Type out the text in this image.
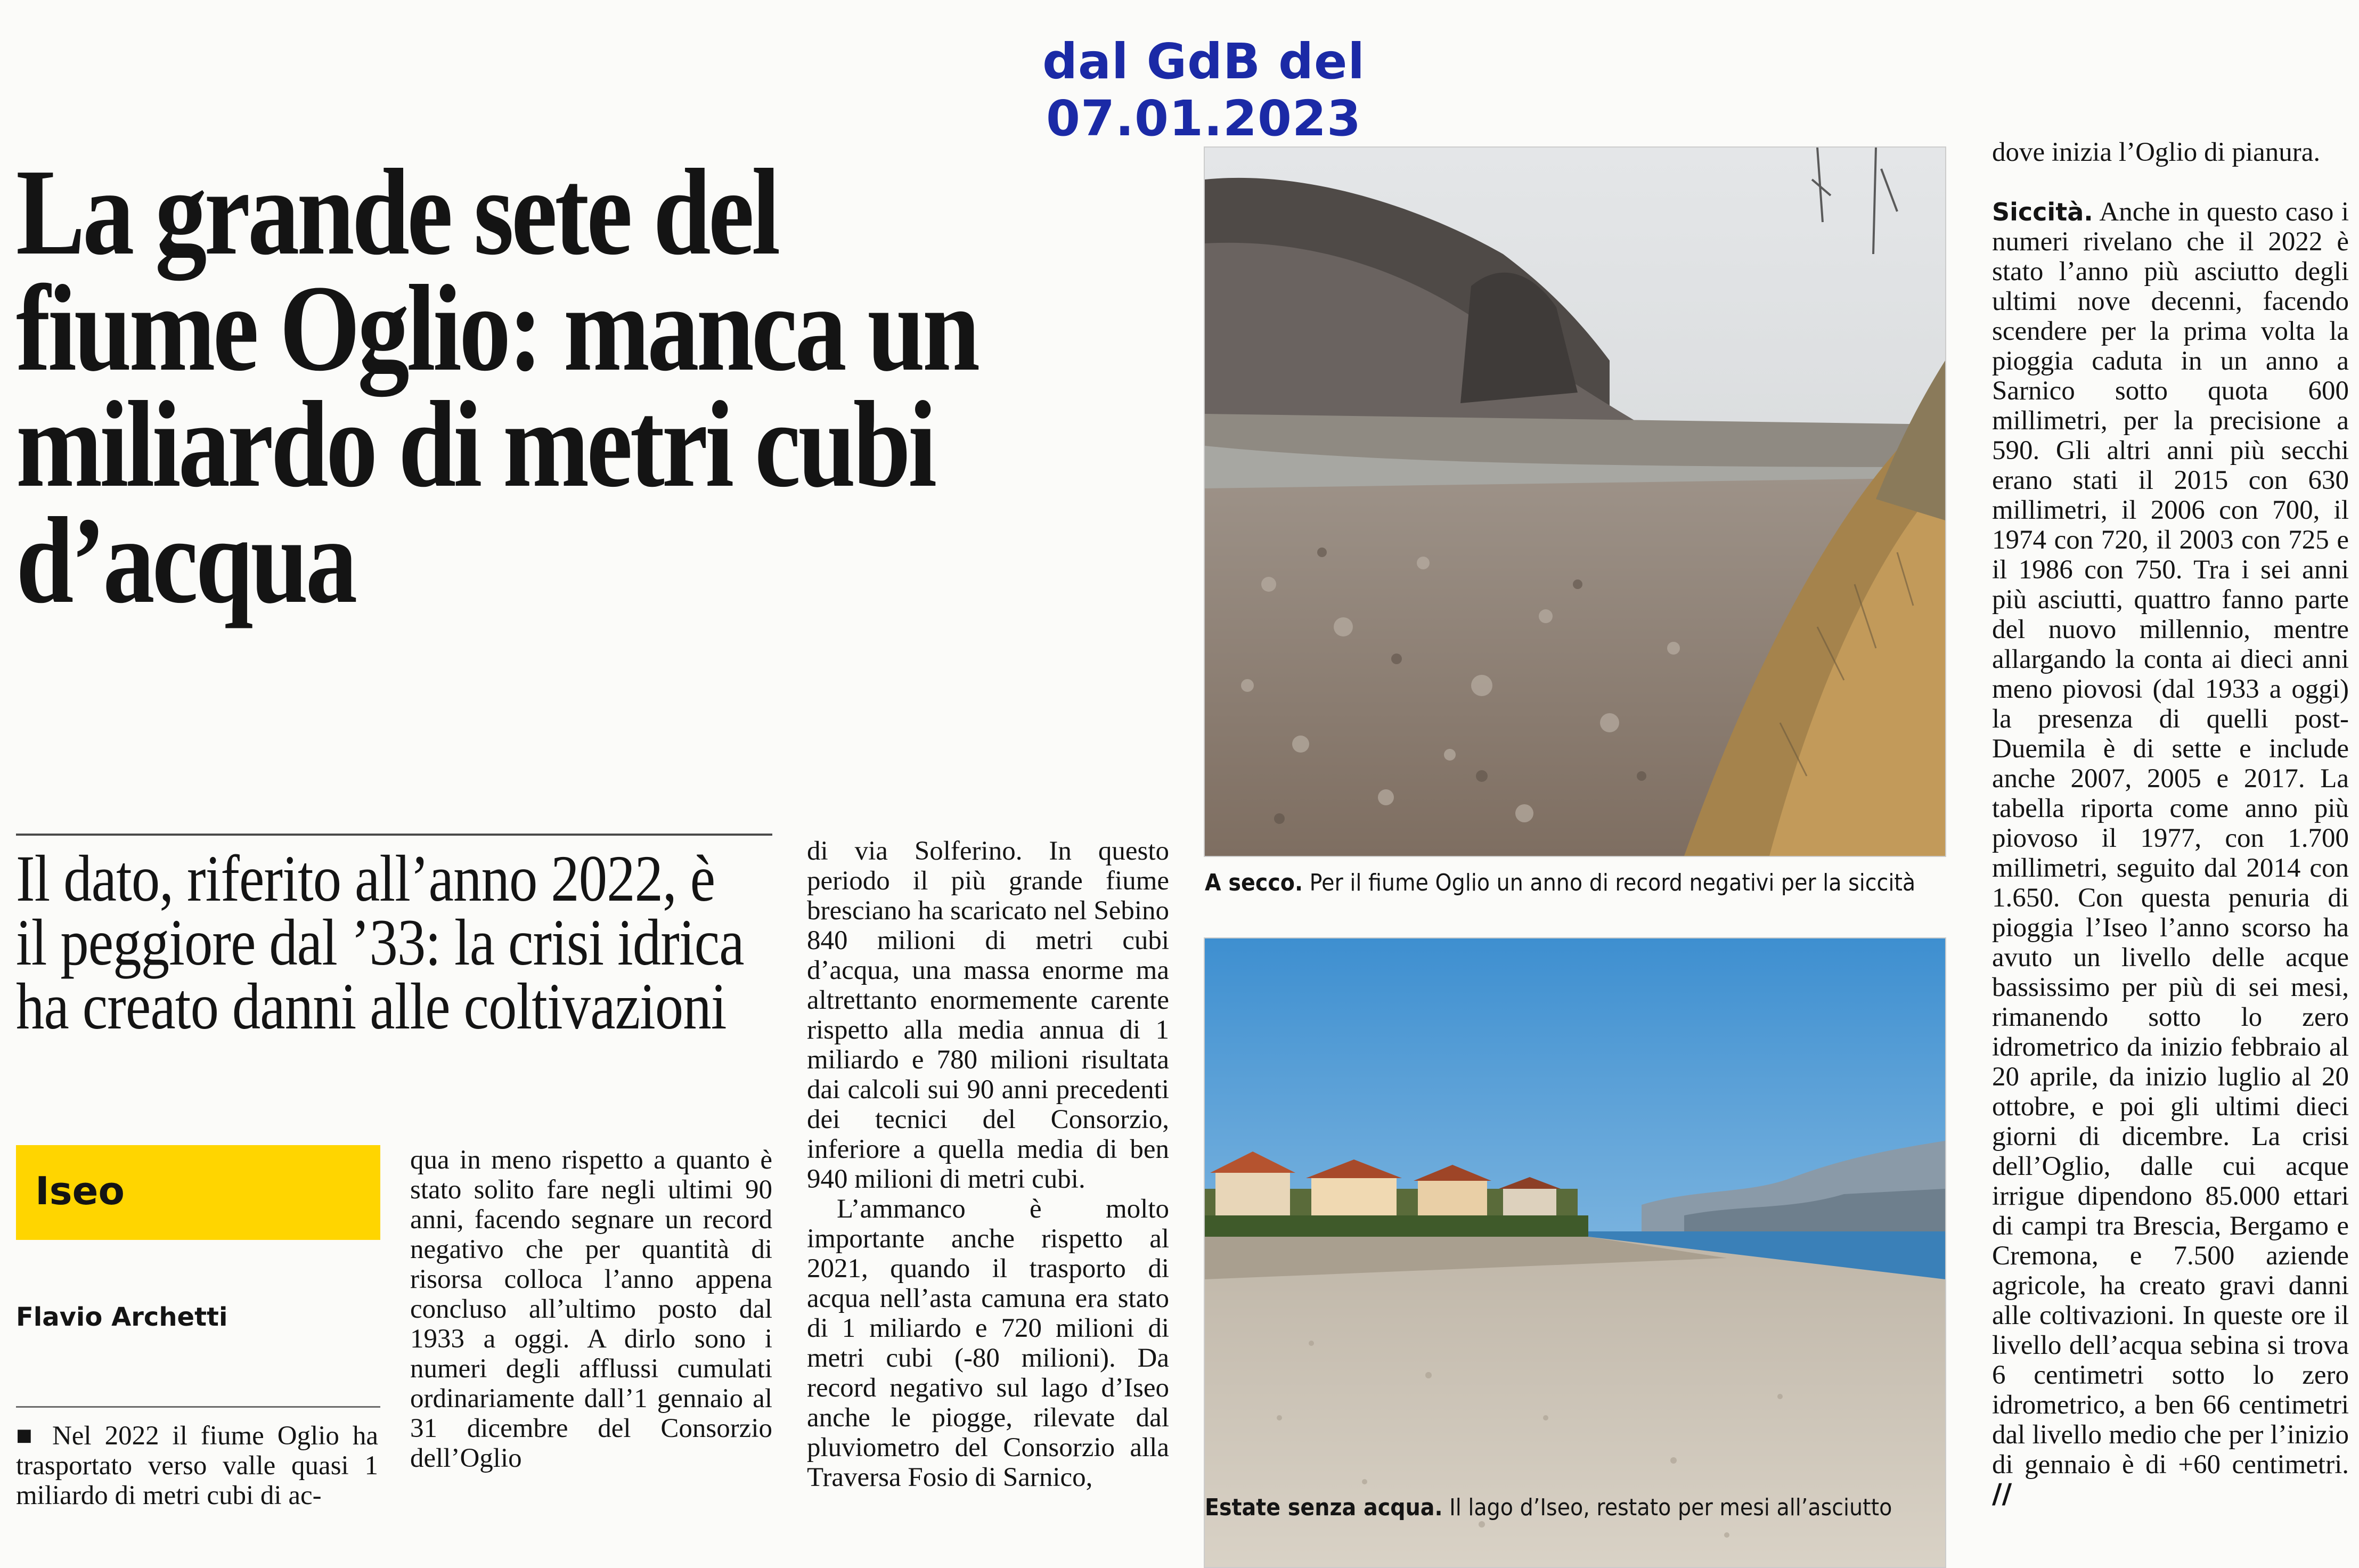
dal GdB del 07.01.2023
La grande sete del fiume Oglio: manca un miliardo di metri cubi d’acqua
Il dato, riferito all’anno 2022, è il peggiore dal ’33: la crisi idrica ha creato danni alle coltivazioni
Iseo
Flavio Archetti

■ Nel 2022 il fiume Oglio ha trasportato verso valle quasi 1 miliardo di metri cubi di ac-

qua in meno rispetto a quanto è stato solito fare negli ultimi 90 anni, facendo segnare un record negativo che per quantità di risorsa colloca l’anno appena concluso all’ultimo posto dal 1933 a oggi. A dirlo sono i numeri degli afflussi cumulati ordinariamente dall’1 gennaio al 31 dicembre del Consorzio dell’Oglio

di via Solferino. In questo periodo il più grande fiume bresciano ha scaricato nel Sebino 840 milioni di metri cubi d’acqua, una massa enorme ma altrettanto enormemente carente rispetto alla media annua di 1 miliardo e 780 milioni risultata dai calcoli sui 90 anni precedenti dei tecnici del Consorzio, inferiore a quella media di ben 940 milioni di metri cubi.

L’ammanco è molto importante anche rispetto al 2021, quando il trasporto di acqua nell’asta camuna era stato di 1 miliardo e 720 milioni di metri cubi (-80 milioni). Da record negativo sul lago d’Iseo anche le piogge, rilevate dal pluviometro del Consorzio alla Traversa Fosio di Sarnico,

A secco. Per il fiume Oglio un anno di record negativi per la siccità
Estate senza acqua. Il lago d’Iseo, restato per mesi all’asciutto

dove inizia l’Oglio di pianura.

Siccità. Anche in questo caso i numeri rivelano che il 2022 è stato l’anno più asciutto degli ultimi nove decenni, facendo scendere per la prima volta la pioggia caduta in un anno a Sarnico sotto quota 600 millimetri, per la precisione a 590. Gli altri anni più secchi erano stati il 2015 con 630 millimetri, il 2006 con 700, il 1974 con 720, il 2003 con 725 e il 1986 con 750. Tra i sei anni più asciutti, quattro fanno parte del nuovo millennio, mentre allargando la conta ai dieci anni meno piovosi (dal 1933 a oggi) la presenza di quelli post-Duemila è di sette e include anche 2007, 2005 e 2017. La tabella riporta come anno più piovoso il 1977, con 1.700 millimetri, seguito dal 2014 con 1.650. Con questa penuria di pioggia l’Iseo l’anno scorso ha avuto un livello delle acque bassissimo per più di sei mesi, rimanendo sotto lo zero idrometrico da inizio febbraio al 20 aprile, da inizio luglio al 20 ottobre, e poi gli ultimi dieci giorni di dicembre. La crisi dell’Oglio, dalle cui acque irrigue dipendono 85.000 ettari di campi tra Brescia, Bergamo e Cremona, e 7.500 aziende agricole, ha creato gravi danni alle coltivazioni. In queste ore il livello dell’acqua sebina si trova 6 centimetri sotto lo zero idrometrico, a ben 66 centimetri dal livello medio che per l’inizio di gennaio è di +60 centimetri. //
